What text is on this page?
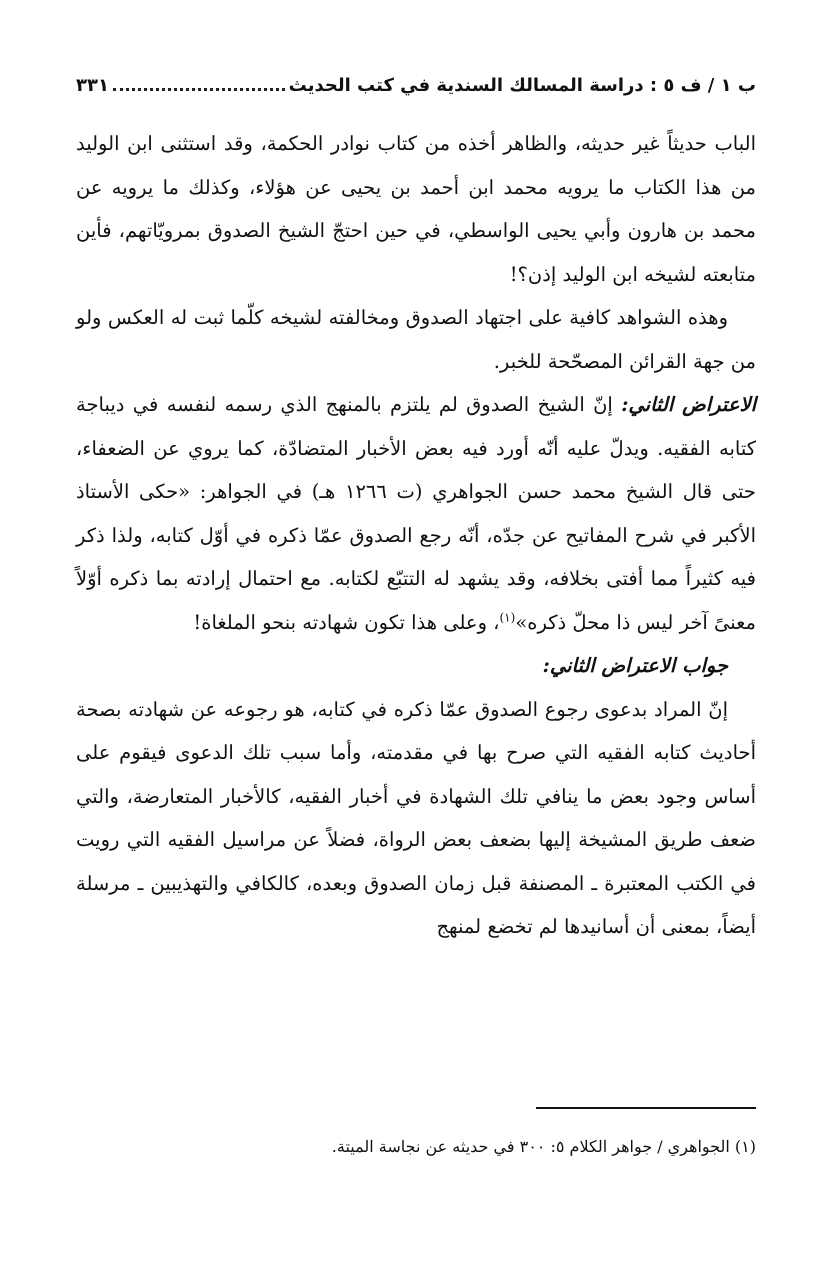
ب ١ / ف ٥ : دراسة المسالك السندية في كتب الحديث
٣٣١

الباب حديثاً غير حديثه، والظاهر أخذه من كتاب نوادر الحكمة، وقد استثنى ابن الوليد من هذا الكتاب ما يرويه محمد ابن أحمد بن يحيى عن هؤلاء، وكذلك ما يرويه عن محمد بن هارون وأبي يحيى الواسطي، في حين احتجّ الشيخ الصدوق بمرويّاتهم، فأين متابعته لشيخه ابن الوليد إذن؟!

وهذه الشواهد كافية على اجتهاد الصدوق ومخالفته لشيخه كلّما ثبت له العكس ولو من جهة القرائن المصحّحة للخبر.

الاعتراض الثاني: إنّ الشيخ الصدوق لم يلتزم بالمنهج الذي رسمه لنفسه في ديباجة كتابه الفقيه. ويدلّ عليه أنّه أورد فيه بعض الأخبار المتضادّة، كما يروي عن الضعفاء، حتى قال الشيخ محمد حسن الجواهري (ت ١٢٦٦ هـ) في الجواهر: «حكى الأستاذ الأكبر في شرح المفاتيح عن جدّه، أنّه رجع الصدوق عمّا ذكره في أوّل كتابه، ولذا ذكر فيه كثيراً مما أفتى بخلافه، وقد يشهد له التتبّع لكتابه. مع احتمال إرادته بما ذكره أوّلاً معنىً آخر ليس ذا محلّ ذكره»$^{(١)}$، وعلى هذا تكون شهادته بنحو الملغاة!

جواب الاعتراض الثاني:

إنّ المراد بدعوى رجوع الصدوق عمّا ذكره في كتابه، هو رجوعه عن شهادته بصحة أحاديث كتابه الفقيه التي صرح بها في مقدمته، وأما سبب تلك الدعوى فيقوم على أساس وجود بعض ما ينافي تلك الشهادة في أخبار الفقيه، كالأخبار المتعارضة، والتي ضعف طريق المشيخة إليها بضعف بعض الرواة، فضلاً عن مراسيل الفقيه التي رويت في الكتب المعتبرة ـ المصنفة قبل زمان الصدوق وبعده، كالكافي والتهذيبين ـ مرسلة أيضاً، بمعنى أن أسانيدها لم تخضع لمنهج

(١) الجواهري / جواهر الكلام ٥: ٣٠٠ في حديثه عن نجاسة الميتة.
